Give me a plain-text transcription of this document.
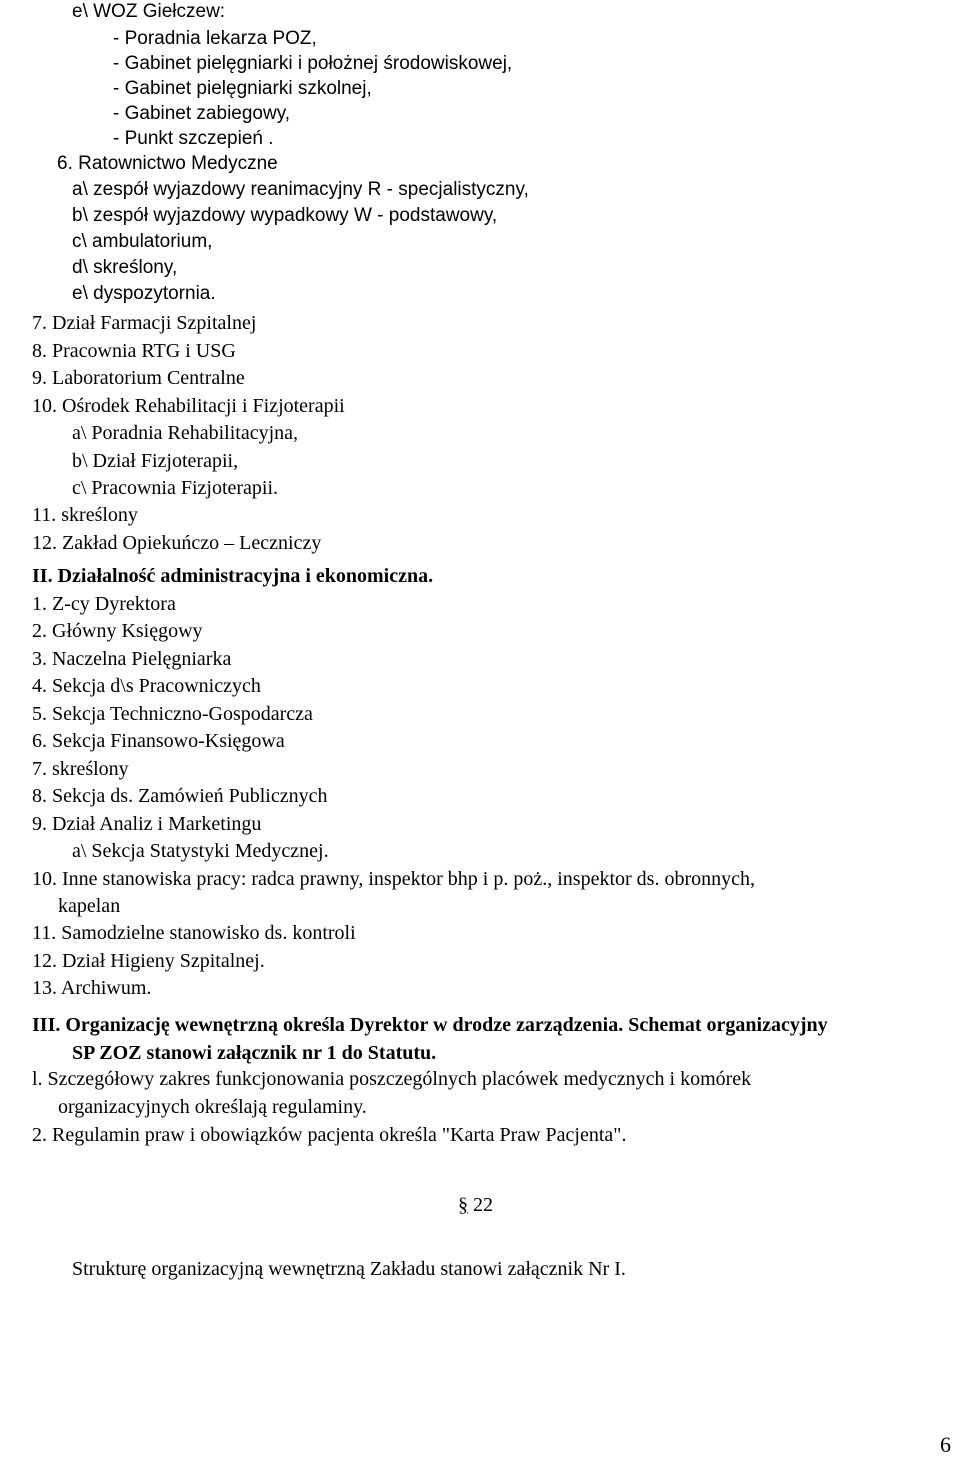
e\ WOZ Giełczew:
- Poradnia lekarza POZ,
- Gabinet pielęgniarki i położnej środowiskowej,
- Gabinet pielęgniarki szkolnej,
- Gabinet zabiegowy,
- Punkt szczepień .
6. Ratownictwo Medyczne
a\ zespół wyjazdowy reanimacyjny R - specjalistyczny,
b\ zespół wyjazdowy wypadkowy W - podstawowy,
c\ ambulatorium,
d\ skreślony,
e\ dyspozytornia.
7. Dział Farmacji Szpitalnej
8. Pracownia RTG i USG
9. Laboratorium Centralne
10. Ośrodek Rehabilitacji i Fizjoterapii
a\ Poradnia Rehabilitacyjna,
b\ Dział Fizjoterapii,
c\ Pracownia Fizjoterapii.
11. skreślony
12. Zakład Opiekuńczo – Leczniczy
II. Działalność administracyjna i ekonomiczna.
1. Z-cy Dyrektora
2. Główny Księgowy
3. Naczelna Pielęgniarka
4. Sekcja d\s Pracowniczych
5. Sekcja Techniczno-Gospodarcza
6. Sekcja Finansowo-Księgowa
7. skreślony
8. Sekcja ds. Zamówień Publicznych
9. Dział Analiz i Marketingu
a\ Sekcja Statystyki Medycznej.
10. Inne stanowiska pracy: radca prawny, inspektor bhp i p. poż., inspektor ds. obronnych,
kapelan
11. Samodzielne stanowisko ds. kontroli
12. Dział Higieny Szpitalnej.
13. Archiwum.
III. Organizację wewnętrzną określa Dyrektor w drodze zarządzenia. Schemat organizacyjny
SP ZOZ stanowi załącznik nr 1 do Statutu.
l. Szczegółowy zakres funkcjonowania poszczególnych placówek medycznych i komórek
organizacyjnych określają regulaminy.
2. Regulamin praw i obowiązków pacjenta określa "Karta Praw Pacjenta".
§ 22
Strukturę organizacyjną wewnętrzną Zakładu stanowi załącznik Nr I.
6
